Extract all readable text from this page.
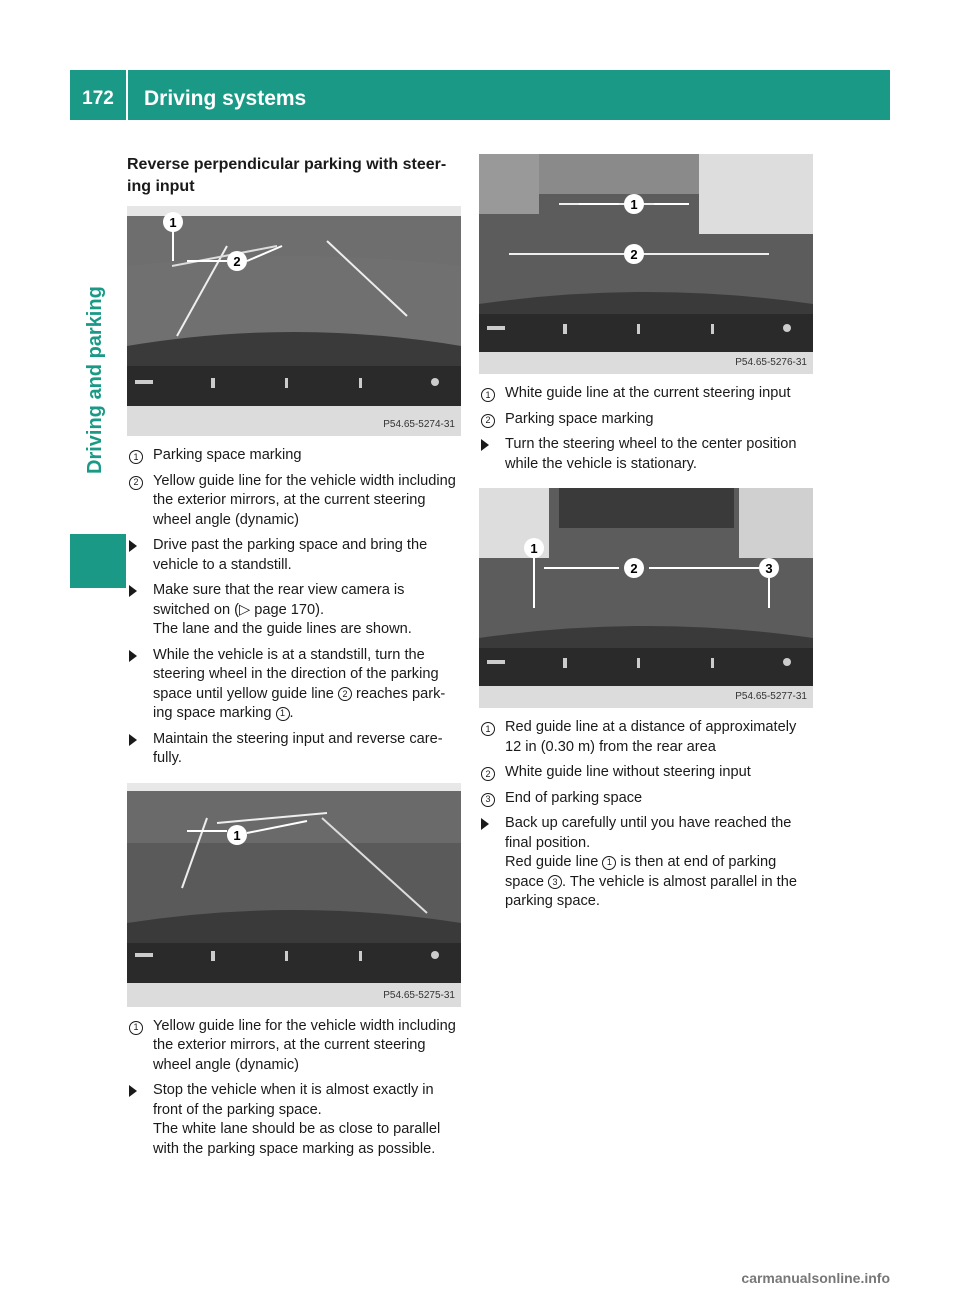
172	Driving systems
Driving and parking
Reverse perpendicular parking with steer-ing input
1
2
P54.65-5274-31
1 Parking space marking
2 Yellow guide line for the vehicle width including the exterior mirrors, at the current steering wheel angle (dynamic)
Drive past the parking space and bring the vehicle to a standstill.
Make sure that the rear view camera is switched on (▷ page 170).
The lane and the guide lines are shown.
While the vehicle is at a standstill, turn the steering wheel in the direction of the parking space until yellow guide line 2 reaches park-ing space marking 1 .
Maintain the steering input and reverse care-fully.
1
P54.65-5275-31
1 Yellow guide line for the vehicle width including the exterior mirrors, at the current steering wheel angle (dynamic)
Stop the vehicle when it is almost exactly in front of the parking space.
The white lane should be as close to parallel with the parking space marking as possible.
1
2
P54.65-5276-31
1 White guide line at the current steering input
2 Parking space marking
Turn the steering wheel to the center position while the vehicle is stationary.
1
2	3
P54.65-5277-31
1 Red guide line at a distance of approximately 12 in (0.30 m) from the rear area
2 White guide line without steering input
3 End of parking space
Back up carefully until you have reached the final position.
Red guide line 1 is then at end of parking space 3 . The vehicle is almost parallel in the parking space.
carmanualsonline.info
